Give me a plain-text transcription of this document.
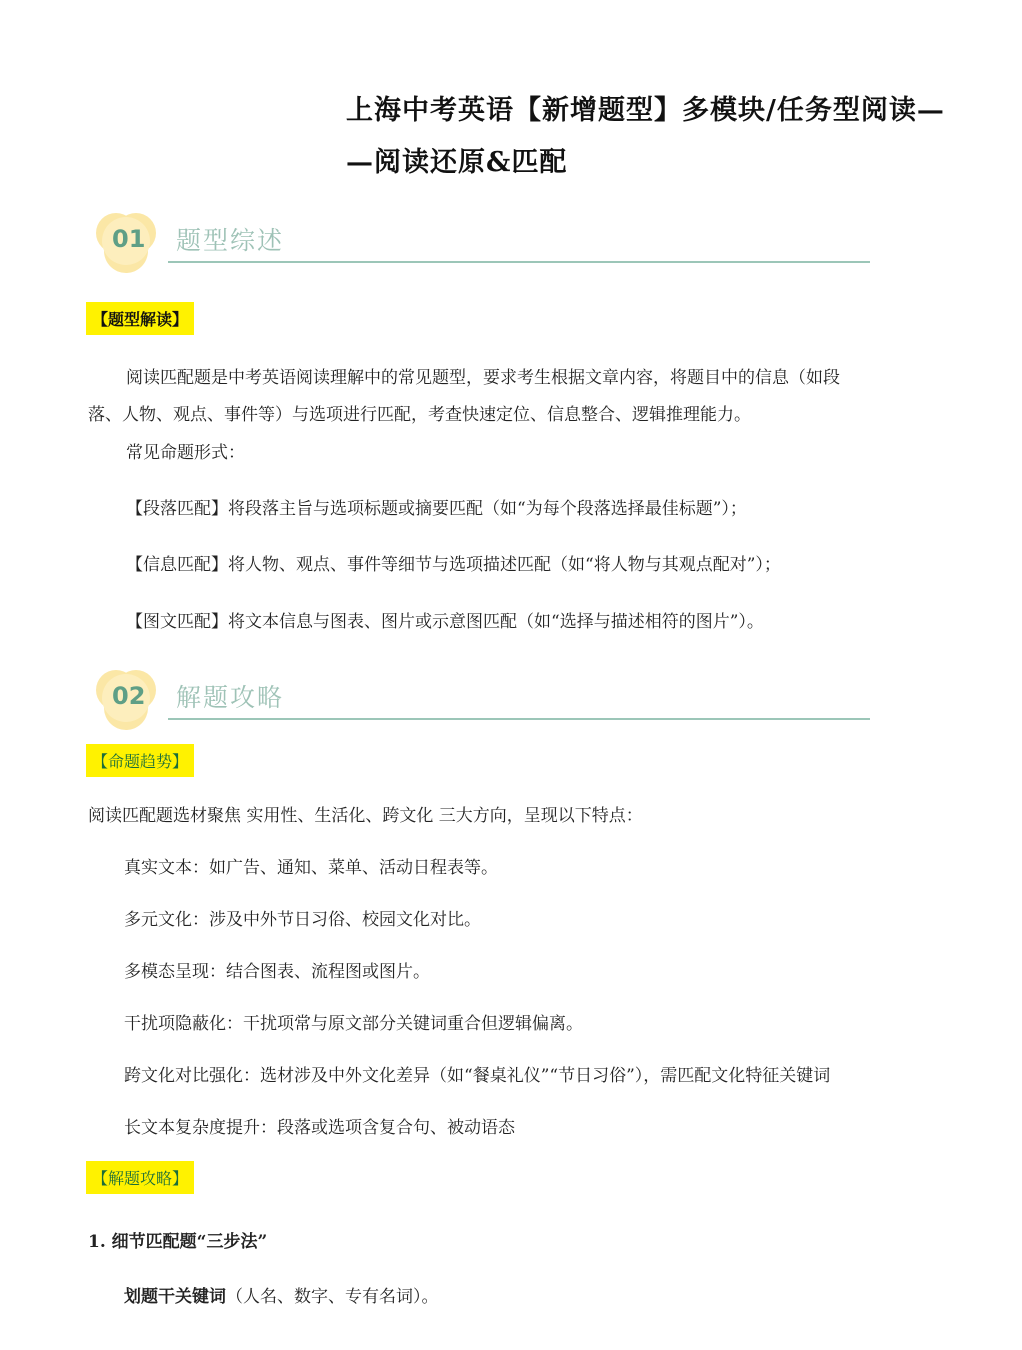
上海中考英语【新增题型】多模块/任务型阅读—
—阅读还原&匹配
01 题型综述
【题型解读】
阅读匹配题是中考英语阅读理解中的常见题型，要求考生根据文章内容，将题目中的信息（如段
落、人物、观点、事件等）与选项进行匹配，考查快速定位、信息整合、逻辑推理能力。
常见命题形式：
【段落匹配】将段落主旨与选项标题或摘要匹配（如“为每个段落选择最佳标题”）；
【信息匹配】将人物、观点、事件等细节与选项描述匹配（如“将人物与其观点配对”）；
【图文匹配】将文本信息与图表、图片或示意图匹配（如“选择与描述相符的图片”）。
02 解题攻略
【命题趋势】
阅读匹配题选材聚焦 实用性、生活化、跨文化 三大方向，呈现以下特点：
真实文本：如广告、通知、菜单、活动日程表等。
多元文化：涉及中外节日习俗、校园文化对比。
多模态呈现：结合图表、流程图或图片。
干扰项隐蔽化：干扰项常与原文部分关键词重合但逻辑偏离。
跨文化对比强化：选材涉及中外文化差异（如“餐桌礼仪”“节日习俗”），需匹配文化特征关键词
长文本复杂度提升：段落或选项含复合句、被动语态
【解题攻略】
1. 细节匹配题“三步法”
划题干关键词（人名、数字、专有名词）。
